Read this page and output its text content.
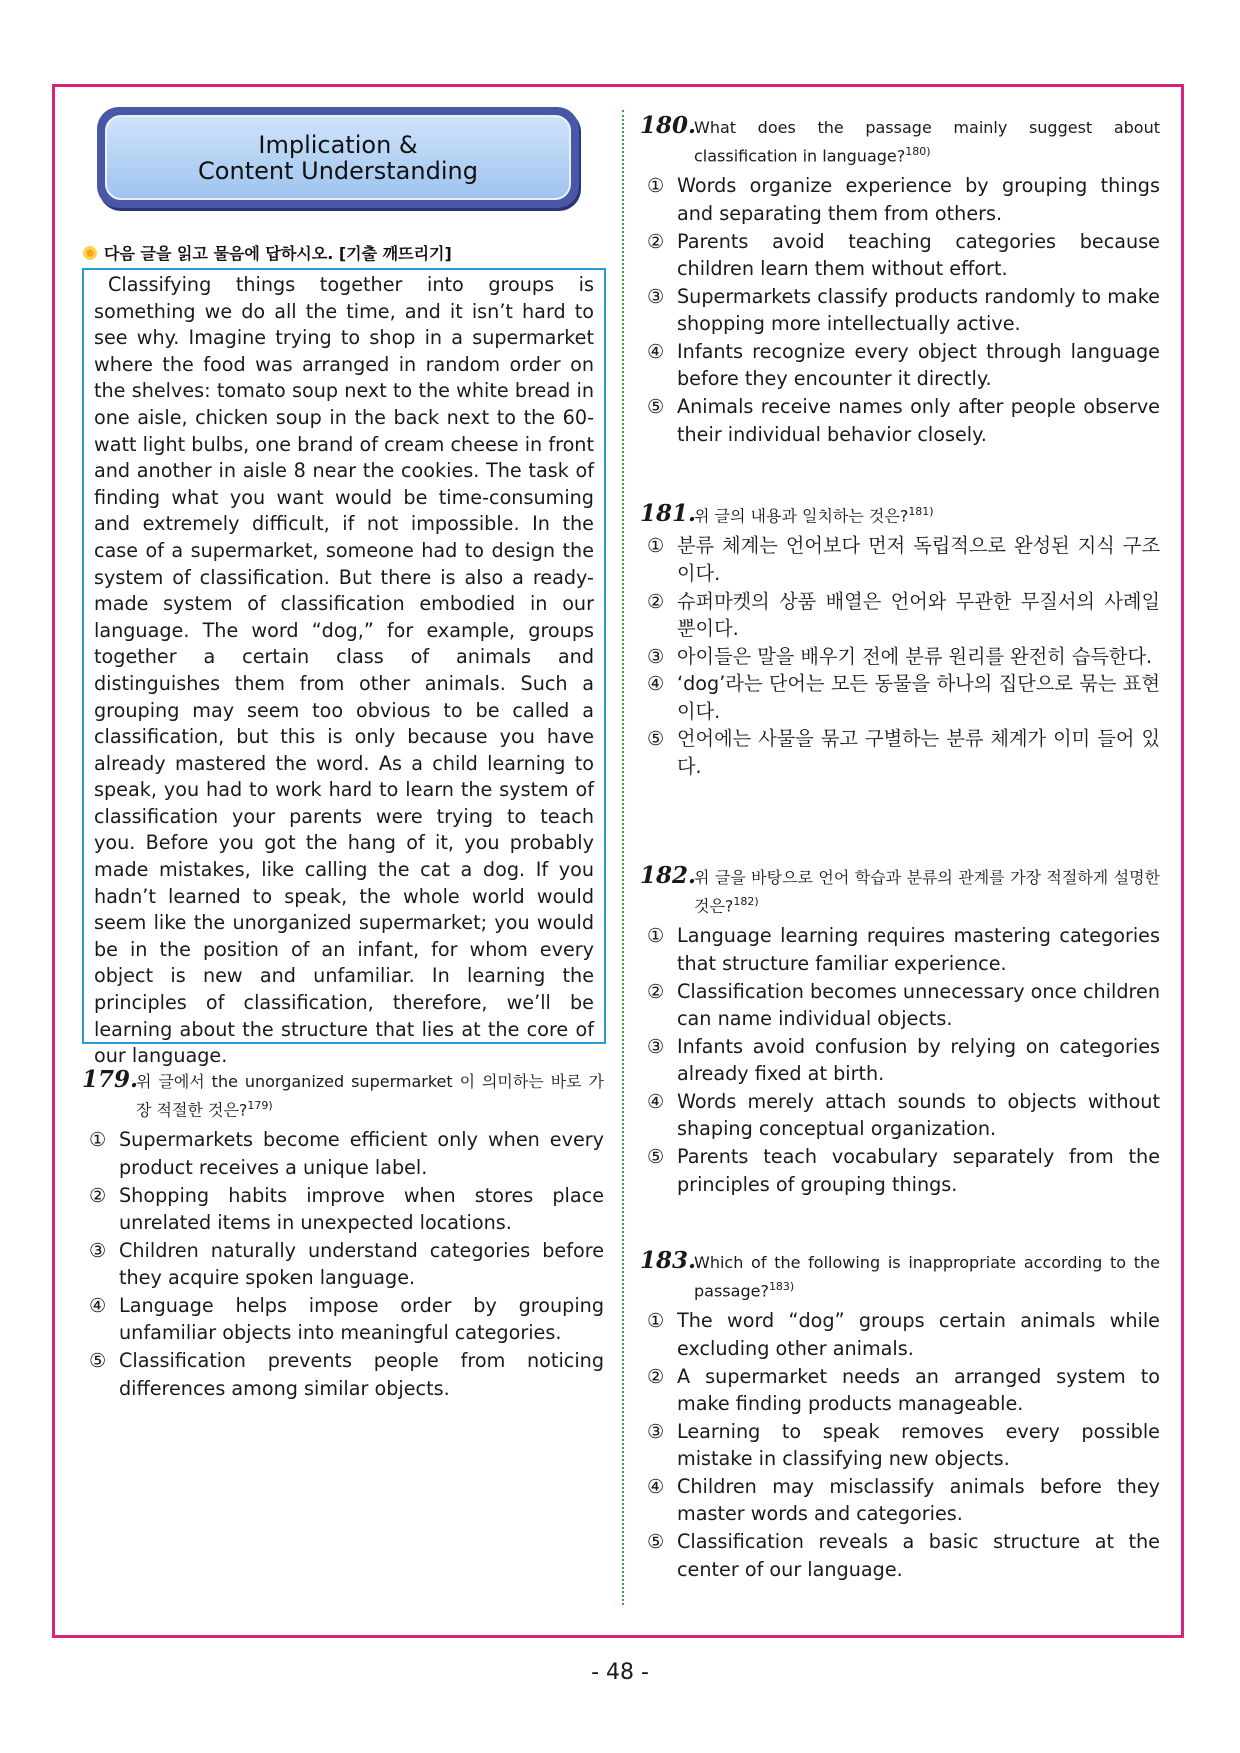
Implication &
Content Understanding
다음 글을 읽고 물음에 답하시오. [기출 깨뜨리기]
Classifying things together into groups is something we do all the time, and it isn’t hard to see why. Imagine trying to shop in a supermarket where the food was arranged in random order on the shelves: tomato soup next to the white bread in one aisle, chicken soup in the back next to the 60-watt light bulbs, one brand of cream cheese in front and another in aisle 8 near the cookies. The task of finding what you want would be time-consuming and extremely difficult, if not impossible. In the case of a supermarket, someone had to design the system of classification. But there is also a ready-made system of classification embodied in our language. The word “dog,” for example, groups together a certain class of animals and distinguishes them from other animals. Such a grouping may seem too obvious to be called a classification, but this is only because you have already mastered the word. As a child learning to speak, you had to work hard to learn the system of classification your parents were trying to teach you. Before you got the hang of it, you probably made mistakes, like calling the cat a dog. If you hadn’t learned to speak, the whole world would seem like the unorganized supermarket; you would be in the position of an infant, for whom every object is new and unfamiliar. In learning the principles of classification, therefore, we’ll be learning about the structure that lies at the core of our language.
179.위 글에서 the unorganized supermarket 이 의미하는 바로 가장 적절한 것은?$^{179)}$
① Supermarkets become efficient only when every product receives a unique label.
② Shopping habits improve when stores place unrelated items in unexpected locations.
③ Children naturally understand categories before they acquire spoken language.
④ Language helps impose order by grouping unfamiliar objects into meaningful categories.
⑤ Classification prevents people from noticing differences among similar objects.
180.What does the passage mainly suggest about classification in language?$^{180)}$
① Words organize experience by grouping things and separating them from others.
② Parents avoid teaching categories because children learn them without effort.
③ Supermarkets classify products randomly to make shopping more intellectually active.
④ Infants recognize every object through language before they encounter it directly.
⑤ Animals receive names only after people observe their individual behavior closely.
181.위 글의 내용과 일치하는 것은?$^{181)}$
① 분류 체계는 언어보다 먼저 독립적으로 완성된 지식 구조이다.
② 슈퍼마켓의 상품 배열은 언어와 무관한 무질서의 사례일 뿐이다.
③ 아이들은 말을 배우기 전에 분류 원리를 완전히 습득한다.
④ ‘dog’라는 단어는 모든 동물을 하나의 집단으로 묶는 표현이다.
⑤ 언어에는 사물을 묶고 구별하는 분류 체계가 이미 들어 있다.
182.위 글을 바탕으로 언어 학습과 분류의 관계를 가장 적절하게 설명한 것은?$^{182)}$
① Language learning requires mastering categories that structure familiar experience.
② Classification becomes unnecessary once children can name individual objects.
③ Infants avoid confusion by relying on categories already fixed at birth.
④ Words merely attach sounds to objects without shaping conceptual organization.
⑤ Parents teach vocabulary separately from the principles of grouping things.
183.Which of the following is inappropriate according to the passage?$^{183)}$
① The word “dog” groups certain animals while excluding other animals.
② A supermarket needs an arranged system to make finding products manageable.
③ Learning to speak removes every possible mistake in classifying new objects.
④ Children may misclassify animals before they master words and categories.
⑤ Classification reveals a basic structure at the center of our language.
- 48 -
